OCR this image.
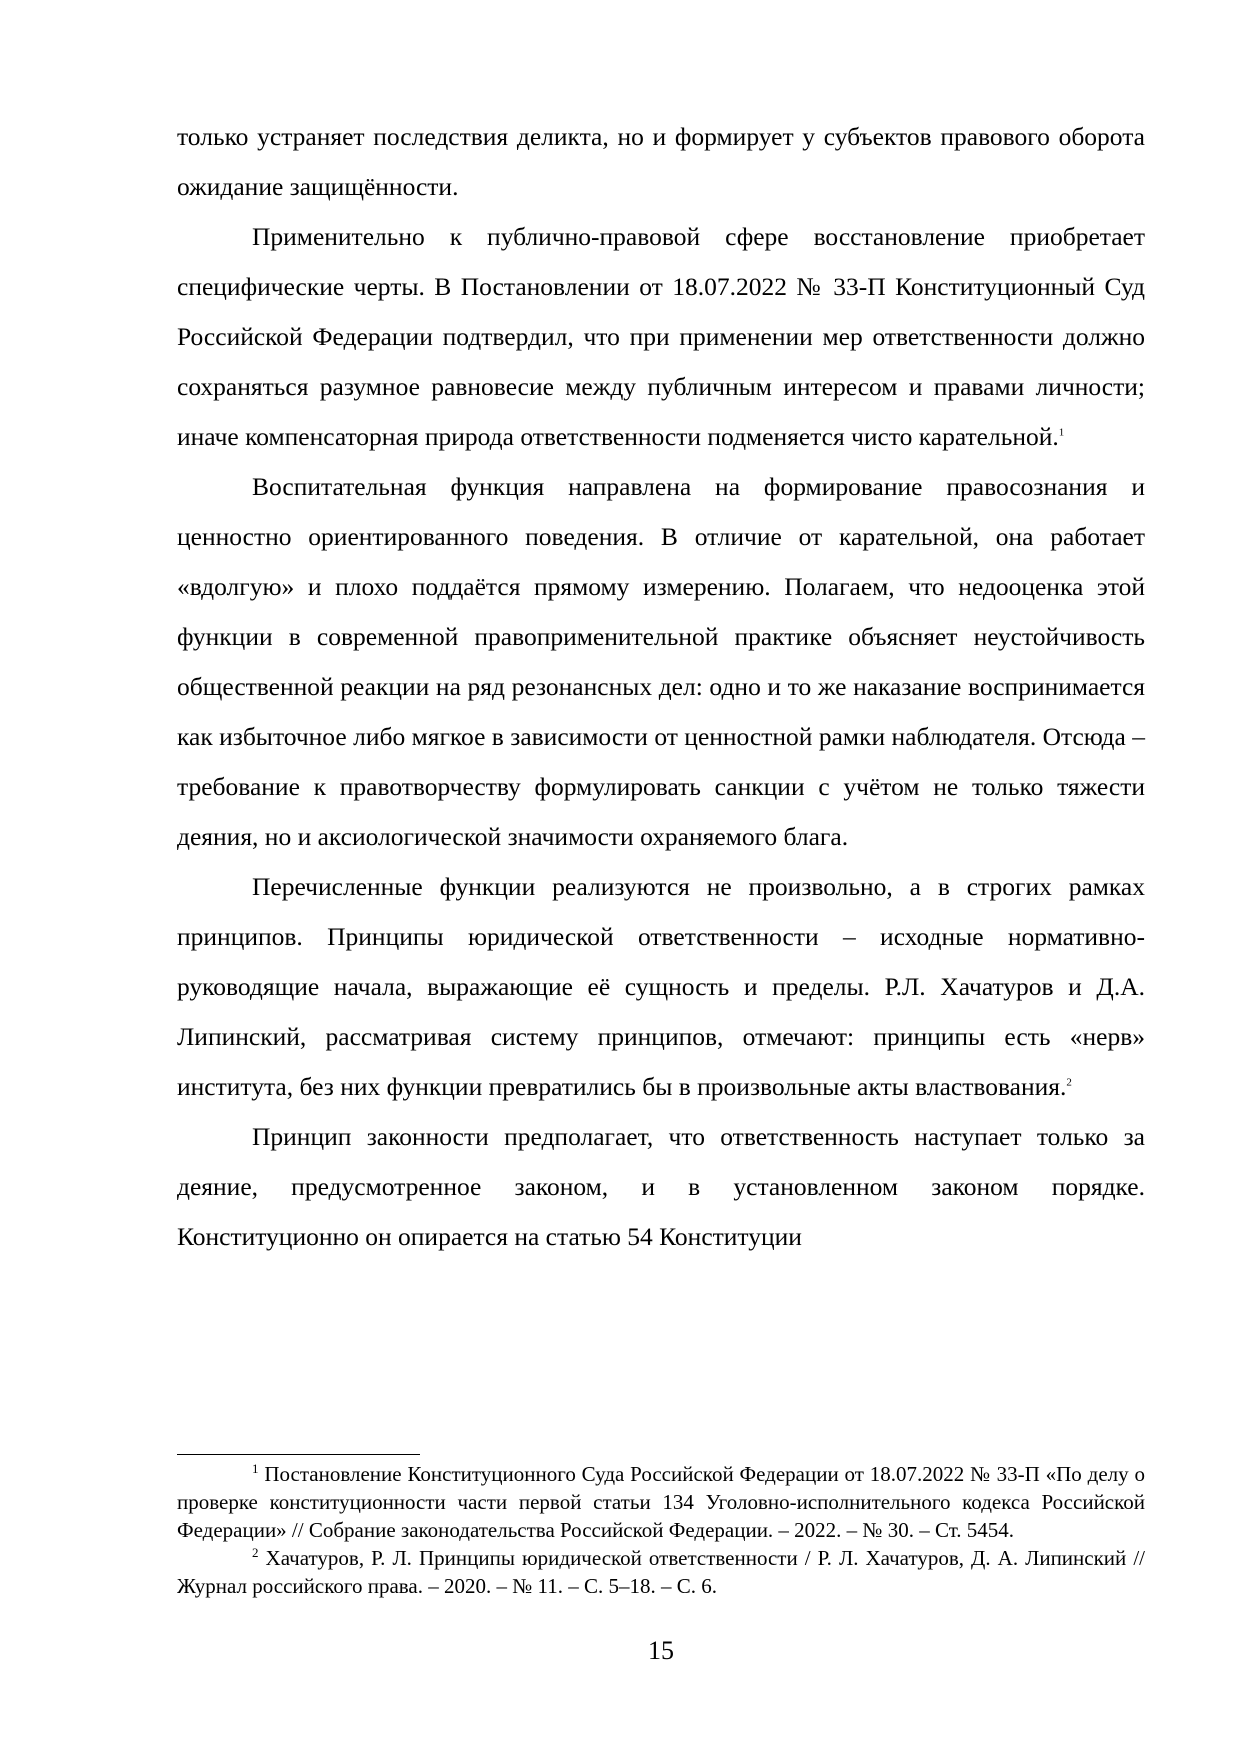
только устраняет последствия деликта, но и формирует у субъектов правового оборота ожидание защищённости.

Применительно к публично-правовой сфере восстановление приобретает специфические черты. В Постановлении от 18.07.2022 № 33-П Конституционный Суд Российской Федерации подтвердил, что при применении мер ответственности должно сохраняться разумное равновесие между публичным интересом и правами личности; иначе компенсаторная природа ответственности подменяется чисто карательной.$^1$

Воспитательная функция направлена на формирование правосознания и ценностно ориентированного поведения. В отличие от карательной, она работает «вдолгую» и плохо поддаётся прямому измерению. Полагаем, что недооценка этой функции в современной правоприменительной практике объясняет неустойчивость общественной реакции на ряд резонансных дел: одно и то же наказание воспринимается как избыточное либо мягкое в зависимости от ценностной рамки наблюдателя. Отсюда – требование к правотворчеству формулировать санкции с учётом не только тяжести деяния, но и аксиологической значимости охраняемого блага.

Перечисленные функции реализуются не произвольно, а в строгих рамках принципов. Принципы юридической ответственности – исходные нормативно-руководящие начала, выражающие её сущность и пределы. Р.Л. Хачатуров и Д.А. Липинский, рассматривая систему принципов, отмечают: принципы есть «нерв» института, без них функции превратились бы в произвольные акты властвования.$^2$

Принцип законности предполагает, что ответственность наступает только за деяние, предусмотренное законом, и в установленном законом порядке. Конституционно он опирается на статью 54 Конституции

$^1$ Постановление Конституционного Суда Российской Федерации от 18.07.2022 № 33-П «По делу о проверке конституционности части первой статьи 134 Уголовно-исполнительного кодекса Российской Федерации» // Собрание законодательства Российской Федерации. – 2022. – № 30. – Ст. 5454.

$^2$ Хачатуров, Р. Л. Принципы юридической ответственности / Р. Л. Хачатуров, Д. А. Липинский // Журнал российского права. – 2020. – № 11. – С. 5–18. – С. 6.

15
